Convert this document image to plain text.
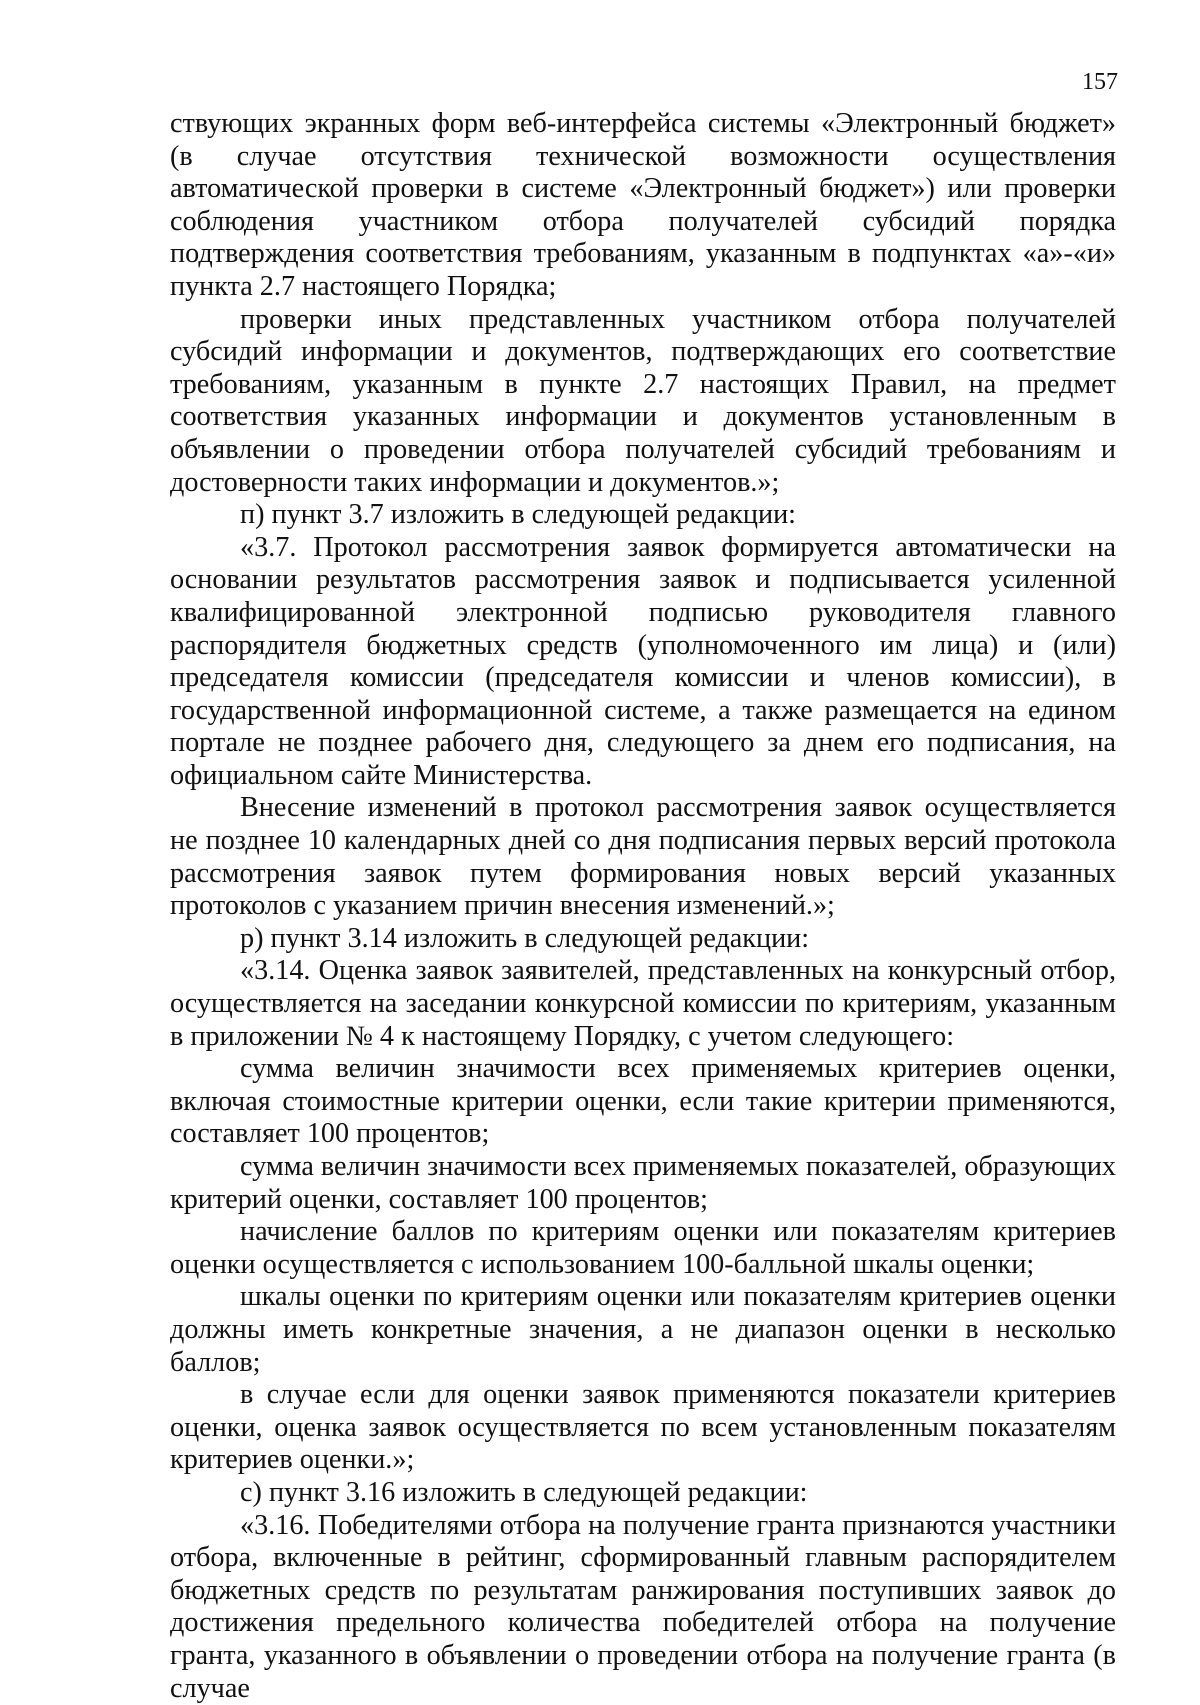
157

ствующих экранных форм веб-интерфейса системы «Электронный бюджет» (в случае отсутствия технической возможности осуществления автоматической проверки в системе «Электронный бюджет») или проверки соблюдения участником отбора получателей субсидий порядка подтверждения соответствия требованиям, указанным в подпунктах «а»-«и» пункта 2.7 настоящего Порядка;

проверки иных представленных участником отбора получателей субсидий информации и документов, подтверждающих его соответствие требованиям, указанным в пункте 2.7 настоящих Правил, на предмет соответствия указанных информации и документов установленным в объявлении о проведении отбора получателей субсидий требованиям и достоверности таких информации и документов.»;

п) пункт 3.7 изложить в следующей редакции:

«3.7. Протокол рассмотрения заявок формируется автоматически на основании результатов рассмотрения заявок и подписывается усиленной квалифицированной электронной подписью руководителя главного распорядителя бюджетных средств (уполномоченного им лица) и (или) председателя комиссии (председателя комиссии и членов комиссии), в государственной информационной системе, а также размещается на едином портале не позднее рабочего дня, следующего за днем его подписания, на официальном сайте Министерства.

Внесение изменений в протокол рассмотрения заявок осуществляется не позднее 10 календарных дней со дня подписания первых версий протокола рассмотрения заявок путем формирования новых версий указанных протоколов с указанием причин внесения изменений.»;

р) пункт 3.14 изложить в следующей редакции:

«3.14. Оценка заявок заявителей, представленных на конкурсный отбор, осуществляется на заседании конкурсной комиссии по критериям, указанным в приложении № 4 к настоящему Порядку, с учетом следующего:

сумма величин значимости всех применяемых критериев оценки, включая стоимостные критерии оценки, если такие критерии применяются, составляет 100 процентов;

сумма величин значимости всех применяемых показателей, образующих критерий оценки, составляет 100 процентов;

начисление баллов по критериям оценки или показателям критериев оценки осуществляется с использованием 100-балльной шкалы оценки;

шкалы оценки по критериям оценки или показателям критериев оценки должны иметь конкретные значения, а не диапазон оценки в несколько баллов;

в случае если для оценки заявок применяются показатели критериев оценки, оценка заявок осуществляется по всем установленным показателям критериев оценки.»;

с) пункт 3.16 изложить в следующей редакции:

«3.16. Победителями отбора на получение гранта признаются участники отбора, включенные в рейтинг, сформированный главным распорядителем бюджетных средств по результатам ранжирования поступивших заявок до достижения предельного количества победителей отбора на получение гранта, указанного в объявлении о проведении отбора на получение гранта (в случае
